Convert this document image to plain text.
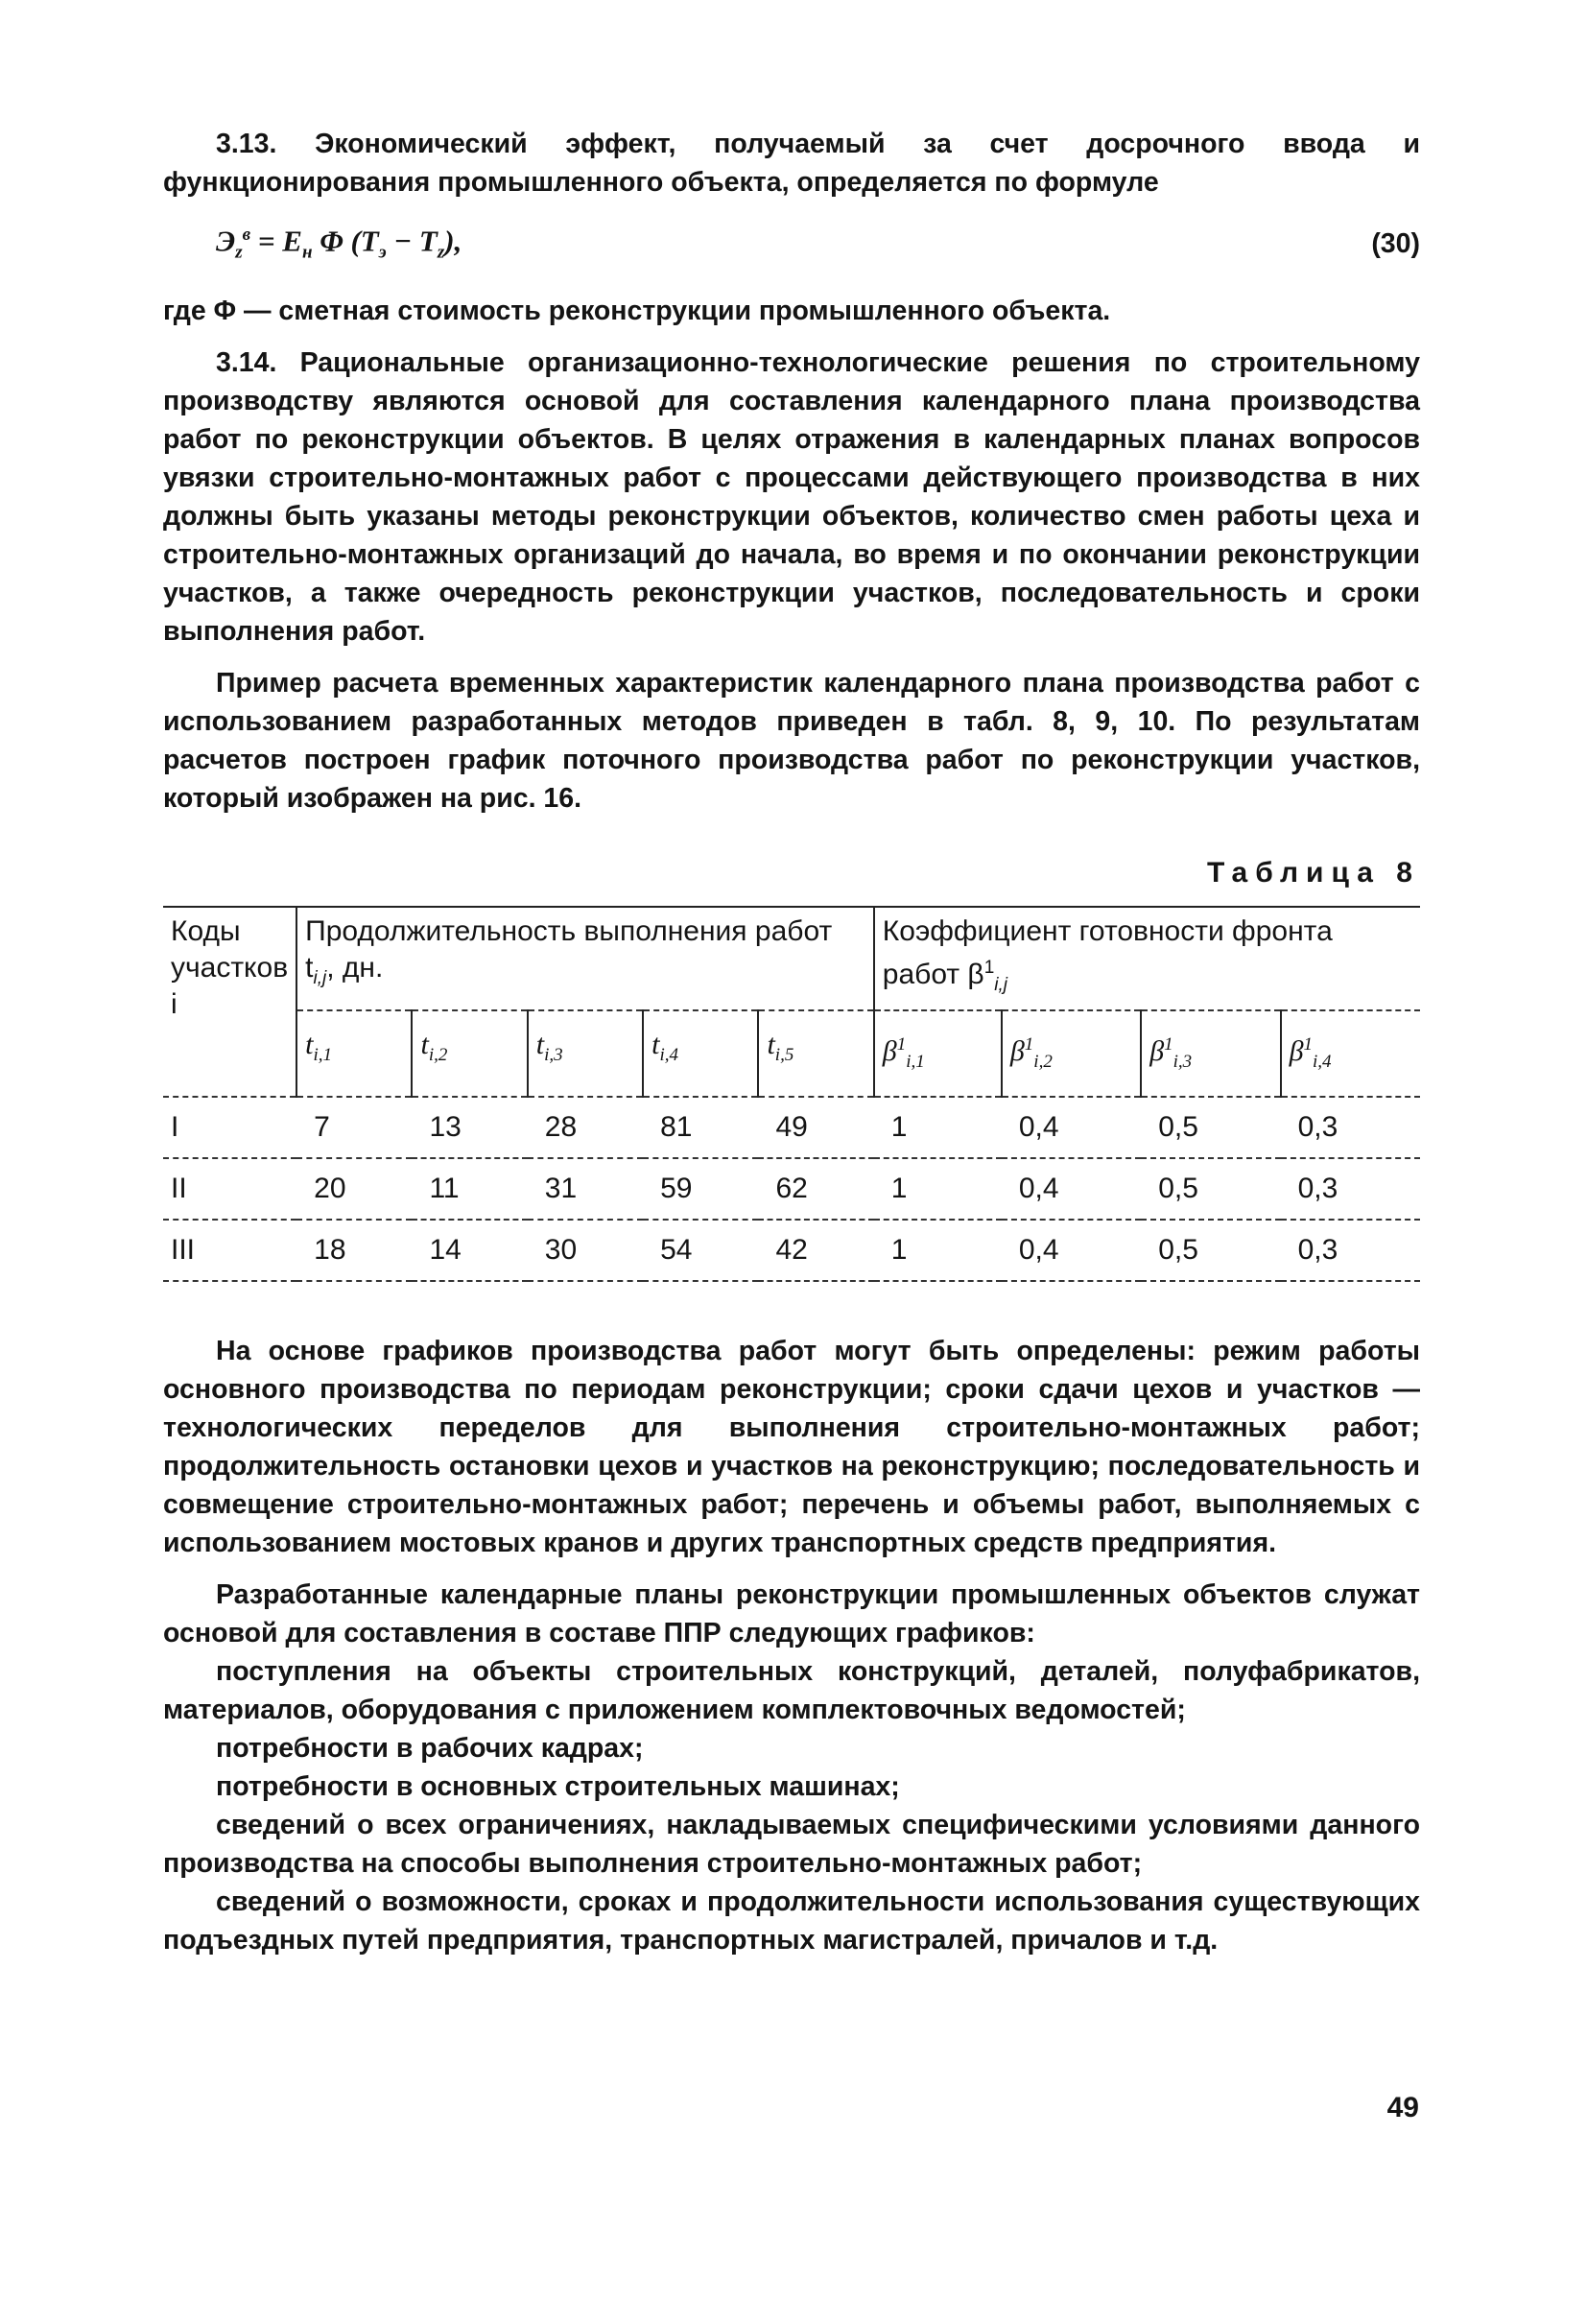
3.13. Экономический эффект, получаемый за счет досрочного ввода и функционирования промышленного объекта, определяется по формуле

$Э_z^в = E_н$ Φ $(T_э - T_z)$,	(30)

где Φ — сметная стоимость реконструкции промышленного объекта.

3.14. Рациональные организационно-технологические решения по строительному производству являются основой для составления календарного плана производства работ по реконструкции объектов. В целях отражения в календарных планах вопросов увязки строительно-монтажных работ с процессами действующего производства в них должны быть указаны методы реконструкции объектов, количество смен работы цеха и строительно-монтажных организаций до начала, во время и по окончании реконструкции участков, а также очередность реконструкции участков, последовательность и сроки выполнения работ.

Пример расчета временных характеристик календарного плана производства работ с использованием разработанных методов приведен в табл. 8, 9, 10. По результатам расчетов построен график поточного производства работ по реконструкции участков, который изображен на рис. 16.

Таблица 8
Коды участков i	Продолжительность выполнения работ $t_{i,j}$, дн.					Коэффициент готовности фронта работ $\beta^1_{i,j}$
	$t_{i,1}$	$t_{i,2}$	$t_{i,3}$	$t_{i,4}$	$t_{i,5}$	$\beta^1_{i,1}$	$\beta^1_{i,2}$	$\beta^1_{i,3}$	$\beta^1_{i,4}$
I	7	13	28	81	49	1	0,4	0,5	0,3
II	20	11	31	59	62	1	0,4	0,5	0,3
III	18	14	30	54	42	1	0,4	0,5	0,3

На основе графиков производства работ могут быть определены: режим работы основного производства по периодам реконструкции; сроки сдачи цехов и участков — технологических переделов для выполнения строительно-монтажных работ; продолжительность остановки цехов и участков на реконструкцию; последовательность и совмещение строительно-монтажных работ; перечень и объемы работ, выполняемых с использованием мостовых кранов и других транспортных средств предприятия.

Разработанные календарные планы реконструкции промышленных объектов служат основой для составления в составе ППР следующих графиков:

поступления на объекты строительных конструкций, деталей, полуфабрикатов, материалов, оборудования с приложением комплектовочных ведомостей;

потребности в рабочих кадрах;

потребности в основных строительных машинах;

сведений о всех ограничениях, накладываемых специфическими условиями данного производства на способы выполнения строительно-монтажных работ;

сведений о возможности, сроках и продолжительности использования существующих подъездных путей предприятия, транспортных магистралей, причалов и т.д.

49
